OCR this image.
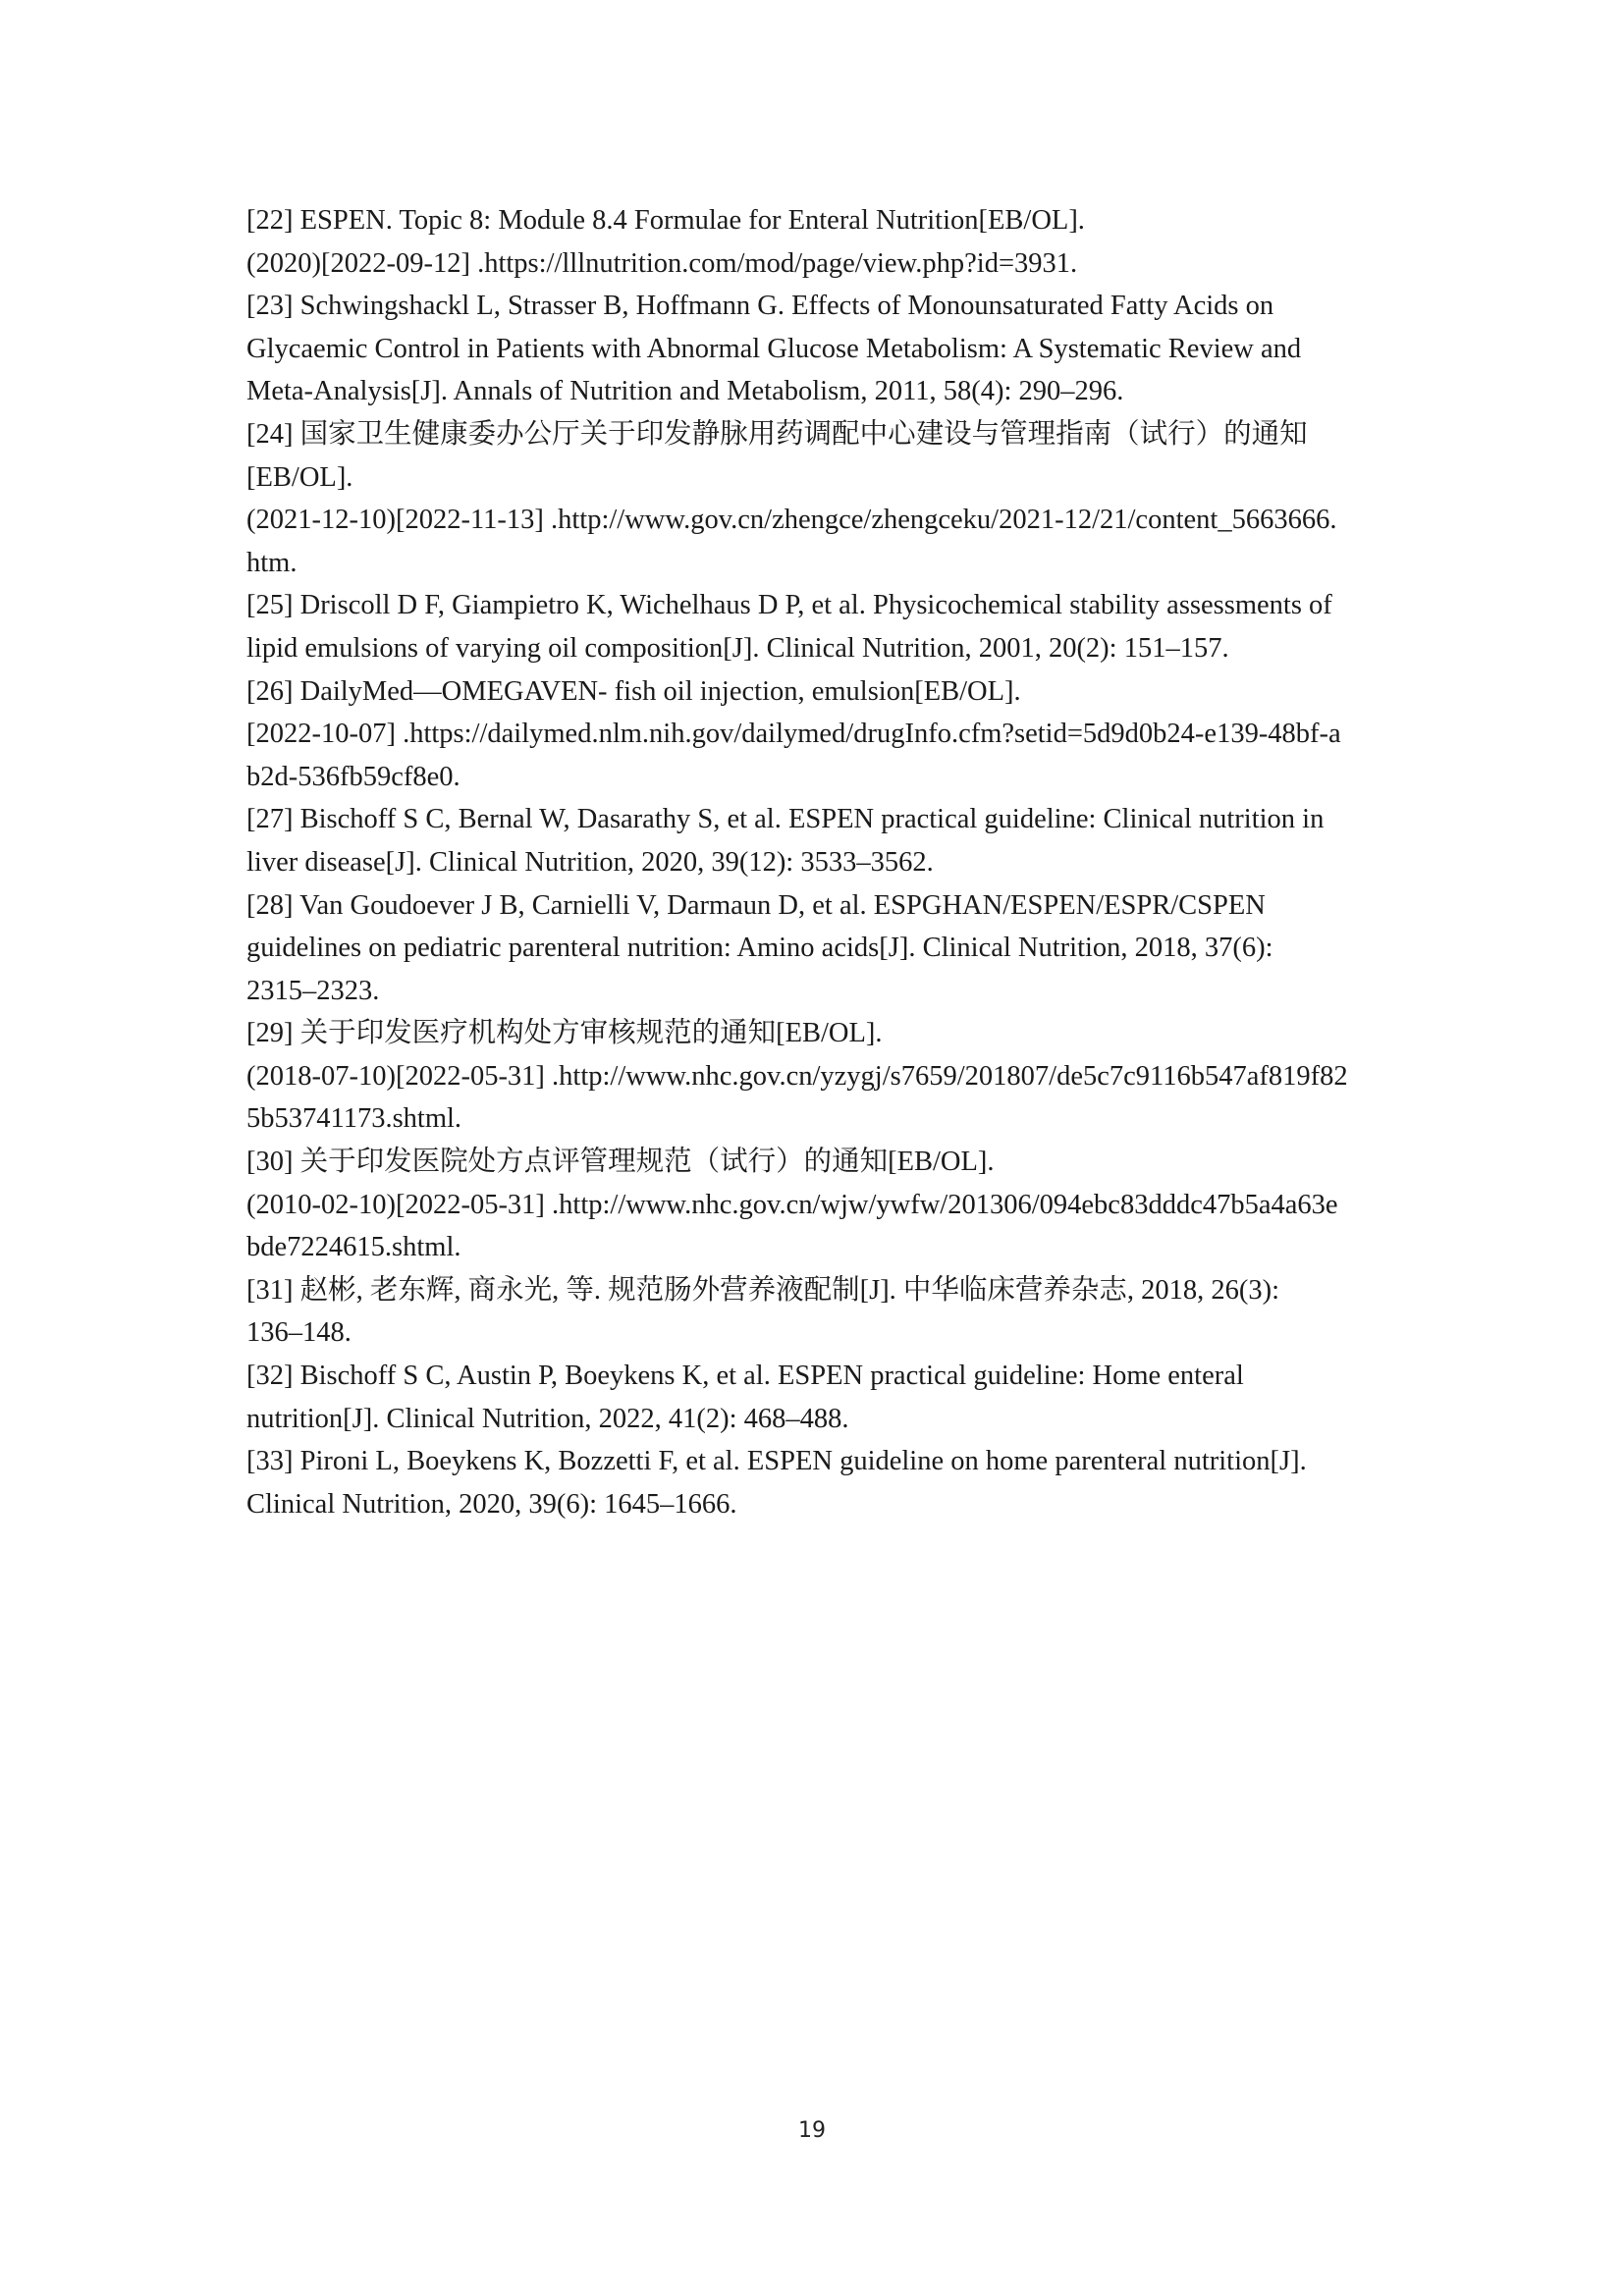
[22] ESPEN. Topic 8: Module 8.4 Formulae for Enteral Nutrition[EB/OL].
(2020)[2022-09-12] .https://lllnutrition.com/mod/page/view.php?id=3931.
[23] Schwingshackl L, Strasser B, Hoffmann G. Effects of Monounsaturated Fatty Acids on
Glycaemic Control in Patients with Abnormal Glucose Metabolism: A Systematic Review and
Meta-Analysis[J]. Annals of Nutrition and Metabolism, 2011, 58(4): 290–296.
[24] 国家卫生健康委办公厅关于印发静脉用药调配中心建设与管理指南（试行）的通知
[EB/OL].
(2021-12-10)[2022-11-13] .http://www.gov.cn/zhengce/zhengceku/2021-12/21/content_5663666.
htm.
[25] Driscoll D F, Giampietro K, Wichelhaus D P, et al. Physicochemical stability assessments of
lipid emulsions of varying oil composition[J]. Clinical Nutrition, 2001, 20(2): 151–157.
[26] DailyMed—OMEGAVEN- fish oil injection, emulsion[EB/OL].
[2022-10-07] .https://dailymed.nlm.nih.gov/dailymed/drugInfo.cfm?setid=5d9d0b24-e139-48bf-a
b2d-536fb59cf8e0.
[27] Bischoff S C, Bernal W, Dasarathy S, et al. ESPEN practical guideline: Clinical nutrition in
liver disease[J]. Clinical Nutrition, 2020, 39(12): 3533–3562.
[28] Van Goudoever J B, Carnielli V, Darmaun D, et al. ESPGHAN/ESPEN/ESPR/CSPEN
guidelines on pediatric parenteral nutrition: Amino acids[J]. Clinical Nutrition, 2018, 37(6):
2315–2323.
[29] 关于印发医疗机构处方审核规范的通知[EB/OL].
(2018-07-10)[2022-05-31] .http://www.nhc.gov.cn/yzygj/s7659/201807/de5c7c9116b547af819f82
5b53741173.shtml.
[30] 关于印发医院处方点评管理规范（试行）的通知[EB/OL].
(2010-02-10)[2022-05-31] .http://www.nhc.gov.cn/wjw/ywfw/201306/094ebc83dddc47b5a4a63e
bde7224615.shtml.
[31] 赵彬, 老东辉, 商永光, 等. 规范肠外营养液配制[J]. 中华临床营养杂志, 2018, 26(3):
136–148.
[32] Bischoff S C, Austin P, Boeykens K, et al. ESPEN practical guideline: Home enteral
nutrition[J]. Clinical Nutrition, 2022, 41(2): 468–488.
[33] Pironi L, Boeykens K, Bozzetti F, et al. ESPEN guideline on home parenteral nutrition[J].
Clinical Nutrition, 2020, 39(6): 1645–1666.
19
